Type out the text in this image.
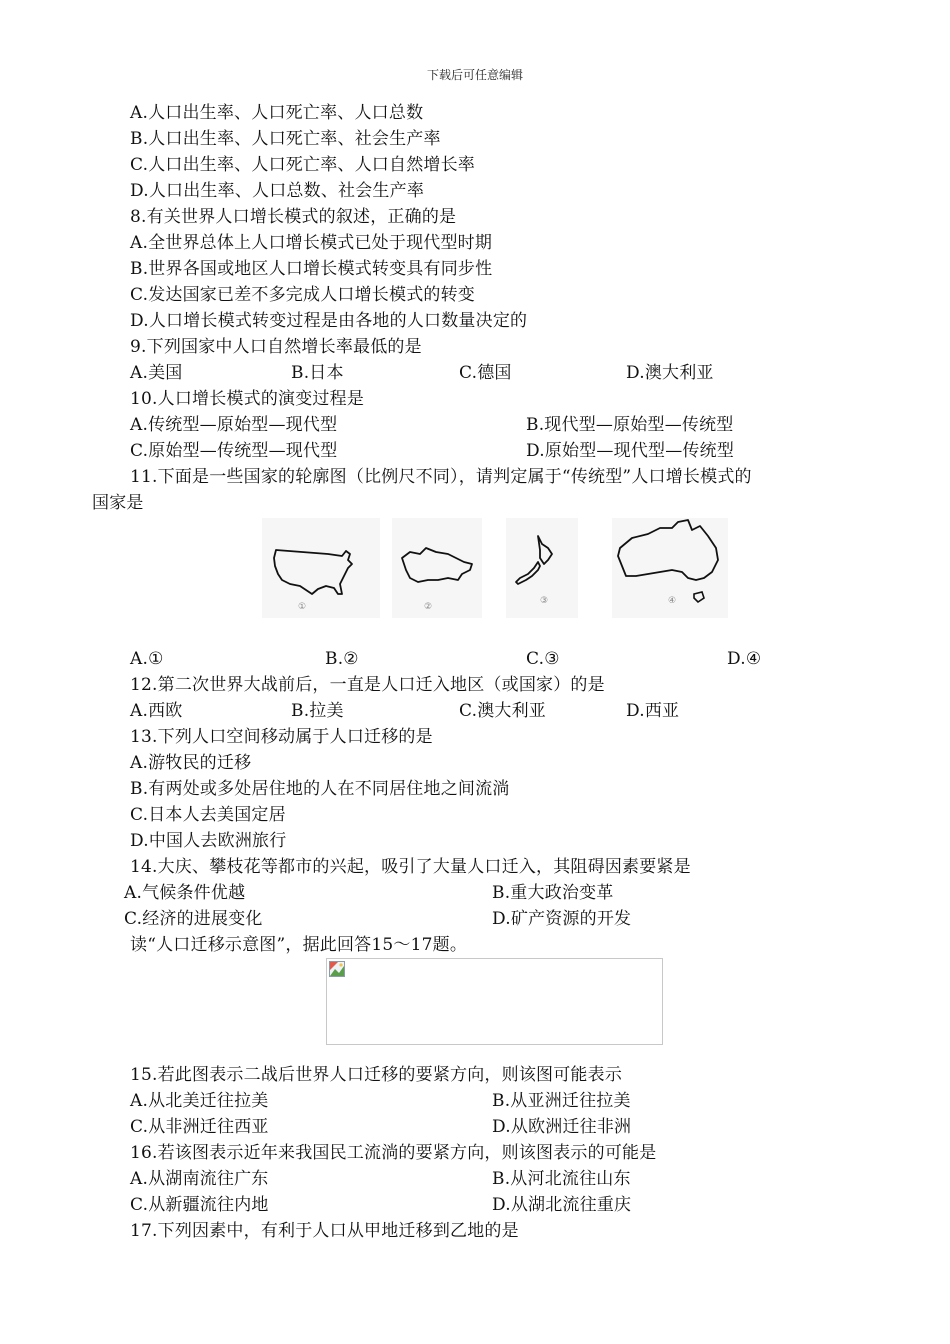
下载后可任意编辑
A.人口出生率、人口死亡率、人口总数
B.人口出生率、人口死亡率、社会生产率
C.人口出生率、人口死亡率、人口自然增长率
D.人口出生率、人口总数、社会生产率
8.有关世界人口增长模式的叙述，正确的是
A.全世界总体上人口增长模式已处于现代型时期
B.世界各国或地区人口增长模式转变具有同步性
C.发达国家已差不多完成人口增长模式的转变
D.人口增长模式转变过程是由各地的人口数量决定的
9.下列国家中人口自然增长率最低的是
A.美国	B.日本	C.德国	D.澳大利亚
10.人口增长模式的演变过程是
A.传统型—原始型—现代型	B.现代型—原始型—传统型
C.原始型—传统型—现代型	D.原始型—现代型—传统型
11.下面是一些国家的轮廓图（比例尺不同），请判定属于“传统型”人口增长模式的
国家是
①	②
③	④
A.①	B.②	C.③	D.④
12.第二次世界大战前后，一直是人口迁入地区（或国家）的是
A.西欧	B.拉美	C.澳大利亚	D.西亚
13.下列人口空间移动属于人口迁移的是
A.游牧民的迁移
B.有两处或多处居住地的人在不同居住地之间流淌
C.日本人去美国定居
D.中国人去欧洲旅行
14.大庆、攀枝花等都市的兴起，吸引了大量人口迁入，其阻碍因素要紧是
A.气候条件优越	B.重大政治变革
C.经济的进展变化	D.矿产资源的开发
读“人口迁移示意图”，据此回答15～17题。
15.若此图表示二战后世界人口迁移的要紧方向，则该图可能表示
A.从北美迁往拉美	B.从亚洲迁往拉美
C.从非洲迁往西亚	D.从欧洲迁往非洲
16.若该图表示近年来我国民工流淌的要紧方向，则该图表示的可能是
A.从湖南流往广东	B.从河北流往山东
C.从新疆流往内地	D.从湖北流往重庆
17.下列因素中，有利于人口从甲地迁移到乙地的是
